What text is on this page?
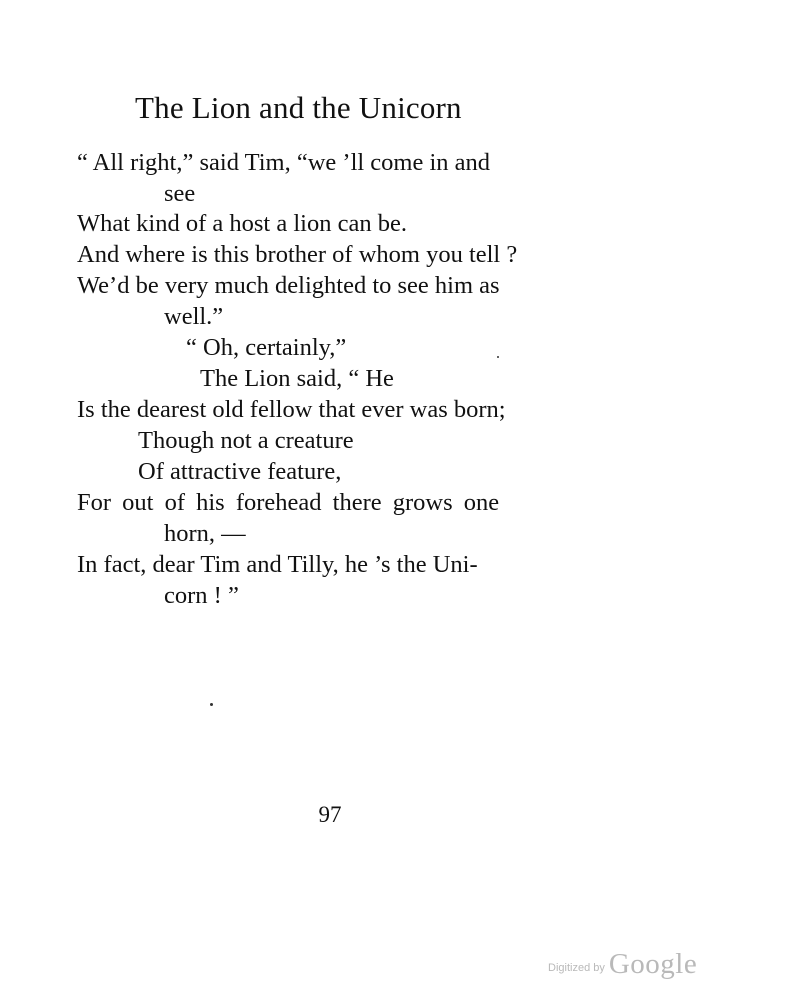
The Lion and the Unicorn
“ All right,” said Tim, “we ’ll come in and
see
What kind of a host a lion can be.
And where is this brother of whom you tell ?
We’d be very much delighted to see him as
well.”
“ Oh, certainly,”
The Lion said, “ He
Is the dearest old fellow that ever was born;
Though not a creature
Of attractive feature,
For out of his forehead there grows one
horn, —
In fact, dear Tim and Tilly, he ’s the Uni-
corn ! ”
97
Digitized by Google
